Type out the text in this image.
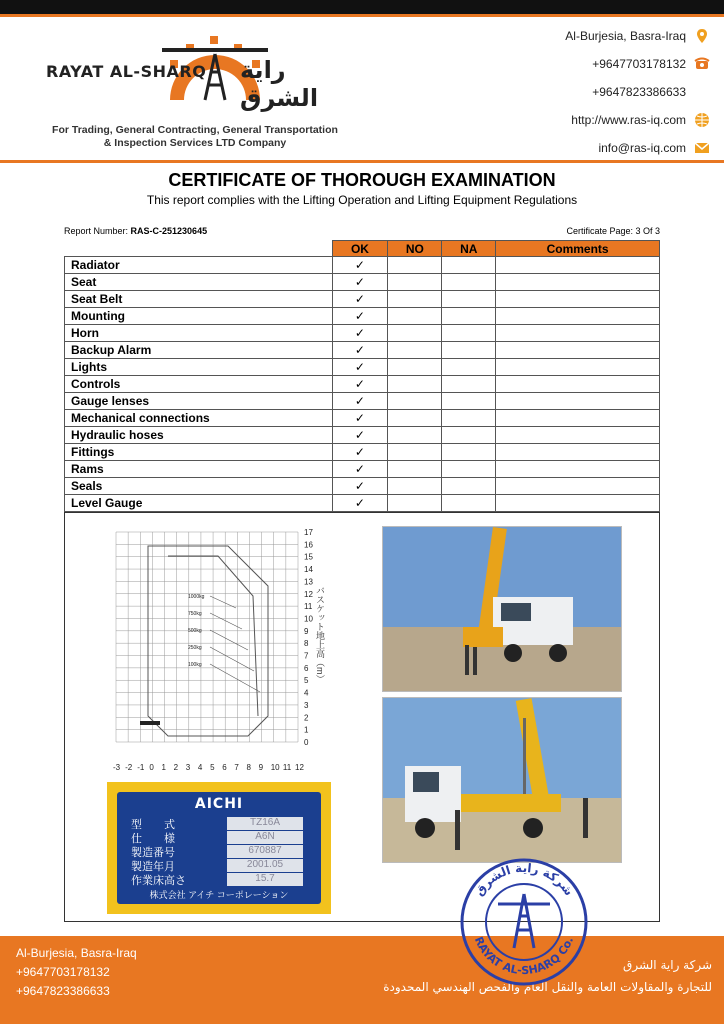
RAYAT AL-SHARQ راية الشرق
For Trading, General Contracting, General Transportation
& Inspection Services LTD Company
Al-Burjesia, Basra-Iraq
+9647703178132
+9647823386633
http://www.ras-iq.com
info@ras-iq.com
CERTIFICATE OF THOROUGH EXAMINATION
This report complies with the Lifting Operation and Lifting Equipment Regulations
Report Number: RAS-C-251230645	Certificate Page: 3 Of 3
	OK	NO	NA	Comments
Radiator	✓			
Seat	✓			
Seat Belt	✓			
Mounting	✓			
Horn	✓			
Backup Alarm	✓			
Lights	✓			
Controls	✓			
Gauge lenses	✓			
Mechanical connections	✓			
Hydraulic hoses	✓			
Fittings	✓			
Rams	✓			
Seals	✓			
Level Gauge	✓			
1000kg
750kg
500kg
250kg
100kg
17
16
15
14
13
12
11
10
9
8
7
6
5
4
3
2
1
0
-3 -2 -1 0 1 2 3 4 5 6 7 8 9 10 11 12
バスケット地上高（m）
AICHI
型　　式	TZ16A
仕　　様	A6N
製造番号	670887
製造年月	2001.05
作業床高さ	15.7
株式会社 アイチ コーポレーション
Al-Burjesia, Basra-Iraq
+9647703178132
+9647823386633
شركة راية الشرق
للتجارة والمقاولات العامة والنقل العام والفحص الهندسي المحدودة
شركة راية الشرق
RAYAT AL-SHARQ Co.
